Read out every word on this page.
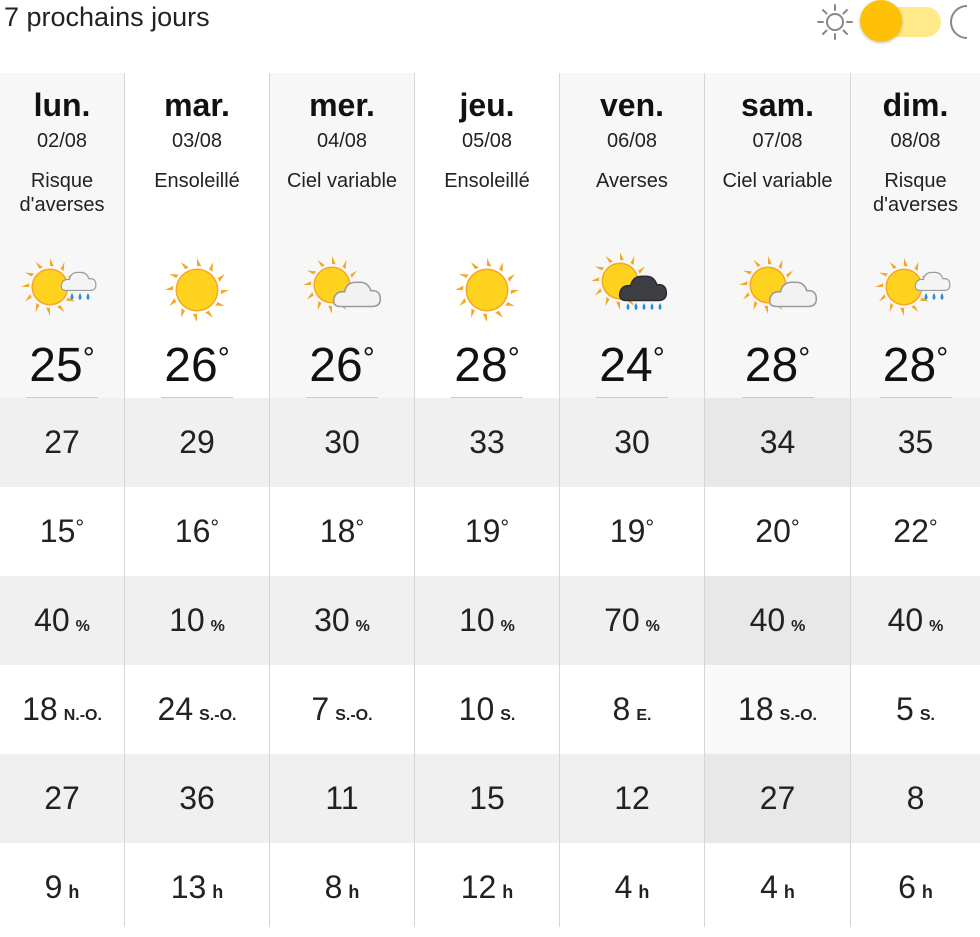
7 prochains jours
lun.
02/08
Risque d'averses
25°
27
15°
40 %
18 N.-O.
27
9 h
mar.
03/08
Ensoleillé
26°
29
16°
10 %
24 S.-O.
36
13 h
mer.
04/08
Ciel variable
26°
30
18°
30 %
7 S.-O.
11
8 h
jeu.
05/08
Ensoleillé
28°
33
19°
10 %
10 S.
15
12 h
ven.
06/08
Averses
24°
30
19°
70 %
8 E.
12
4 h
sam.
07/08
Ciel variable
28°
34
20°
40 %
18 S.-O.
27
4 h
dim.
08/08
Risque d'averses
28°
35
22°
40 %
5 S.
8
6 h
